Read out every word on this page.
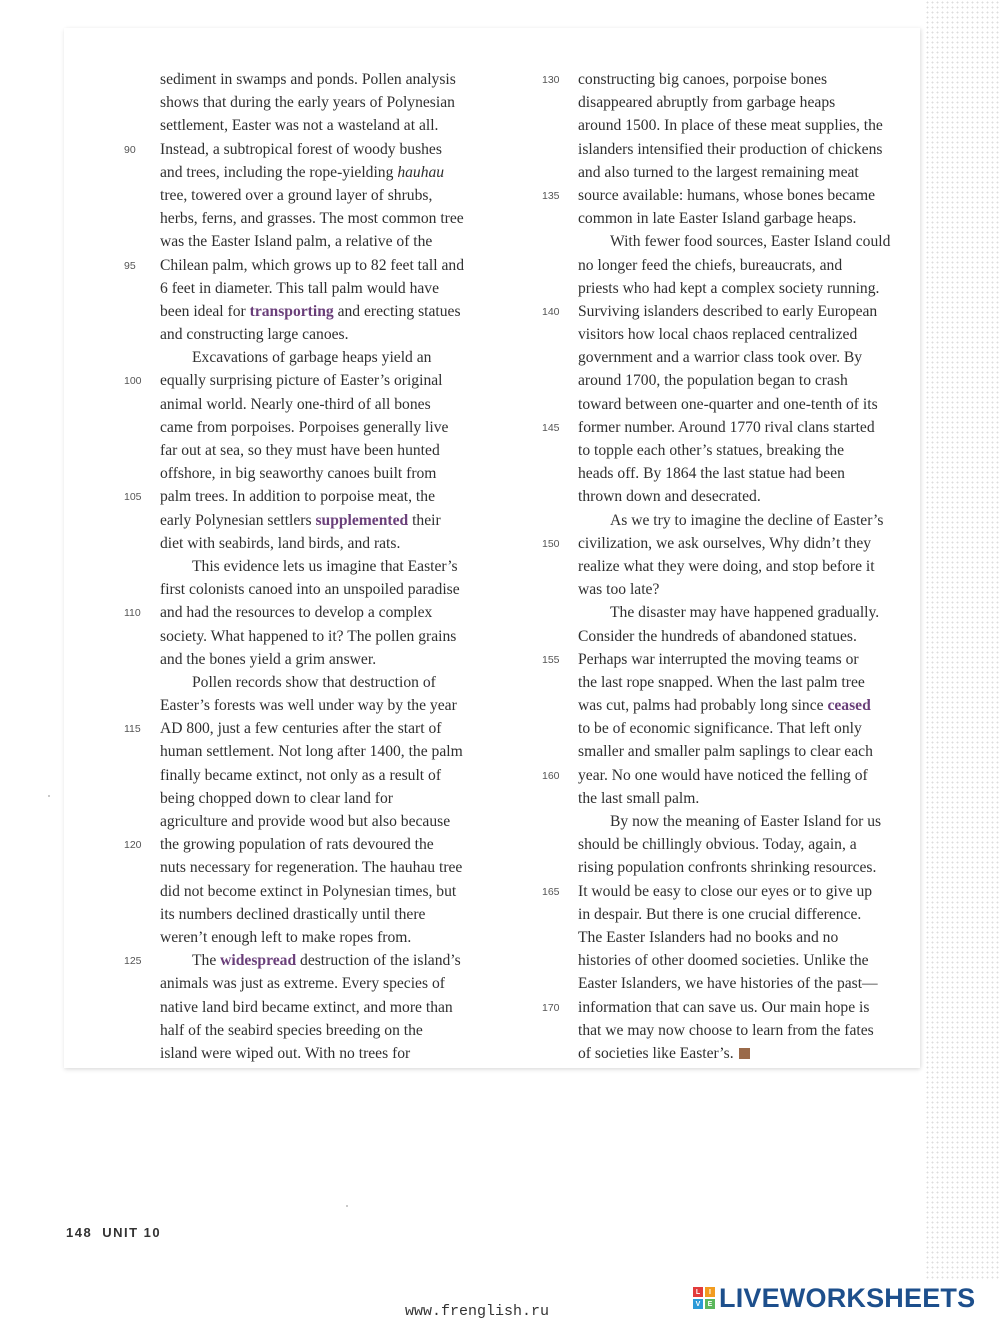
sediment in swamps and ponds. Pollen analysis
shows that during the early years of Polynesian
settlement, Easter was not a wasteland at all.
90	Instead, a subtropical forest of woody bushes
and trees, including the rope-yielding hauhau
tree, towered over a ground layer of shrubs,
herbs, ferns, and grasses. The most common tree
was the Easter Island palm, a relative of the
95	Chilean palm, which grows up to 82 feet tall and
6 feet in diameter. This tall palm would have
been ideal for transporting and erecting statues
and constructing large canoes.
Excavations of garbage heaps yield an
100	equally surprising picture of Easter’s original
animal world. Nearly one-third of all bones
came from porpoises. Porpoises generally live
far out at sea, so they must have been hunted
offshore, in big seaworthy canoes built from
105	palm trees. In addition to porpoise meat, the
early Polynesian settlers supplemented their
diet with seabirds, land birds, and rats.
This evidence lets us imagine that Easter’s
first colonists canoed into an unspoiled paradise
110	and had the resources to develop a complex
society. What happened to it? The pollen grains
and the bones yield a grim answer.
Pollen records show that destruction of
Easter’s forests was well under way by the year
115	AD 800, just a few centuries after the start of
human settlement. Not long after 1400, the palm
finally became extinct, not only as a result of
being chopped down to clear land for
agriculture and provide wood but also because
120	the growing population of rats devoured the
nuts necessary for regeneration. The hauhau tree
did not become extinct in Polynesian times, but
its numbers declined drastically until there
weren’t enough left to make ropes from.
125	The widespread destruction of the island’s
animals was just as extreme. Every species of
native land bird became extinct, and more than
half of the seabird species breeding on the
island were wiped out. With no trees for
130	constructing big canoes, porpoise bones
disappeared abruptly from garbage heaps
around 1500. In place of these meat supplies, the
islanders intensified their production of chickens
and also turned to the largest remaining meat
135	source available: humans, whose bones became
common in late Easter Island garbage heaps.
With fewer food sources, Easter Island could
no longer feed the chiefs, bureaucrats, and
priests who had kept a complex society running.
140	Surviving islanders described to early European
visitors how local chaos replaced centralized
government and a warrior class took over. By
around 1700, the population began to crash
toward between one-quarter and one-tenth of its
145	former number. Around 1770 rival clans started
to topple each other’s statues, breaking the
heads off. By 1864 the last statue had been
thrown down and desecrated.
As we try to imagine the decline of Easter’s
150	civilization, we ask ourselves, Why didn’t they
realize what they were doing, and stop before it
was too late?
The disaster may have happened gradually.
Consider the hundreds of abandoned statues.
155	Perhaps war interrupted the moving teams or
the last rope snapped. When the last palm tree
was cut, palms had probably long since ceased
to be of economic significance. That left only
smaller and smaller palm saplings to clear each
160	year. No one would have noticed the felling of
the last small palm.
By now the meaning of Easter Island for us
should be chillingly obvious. Today, again, a
rising population confronts shrinking resources.
165	It would be easy to close our eyes or to give up
in despair. But there is one crucial difference.
The Easter Islanders had no books and no
histories of other doomed societies. Unlike the
Easter Islanders, we have histories of the past—
170	information that can save us. Our main hope is
that we may now choose to learn from the fates
of societies like Easter’s.
148 UNIT 10
www.frenglish.ru
L	I
V	E LIVEWORKSHEETS
